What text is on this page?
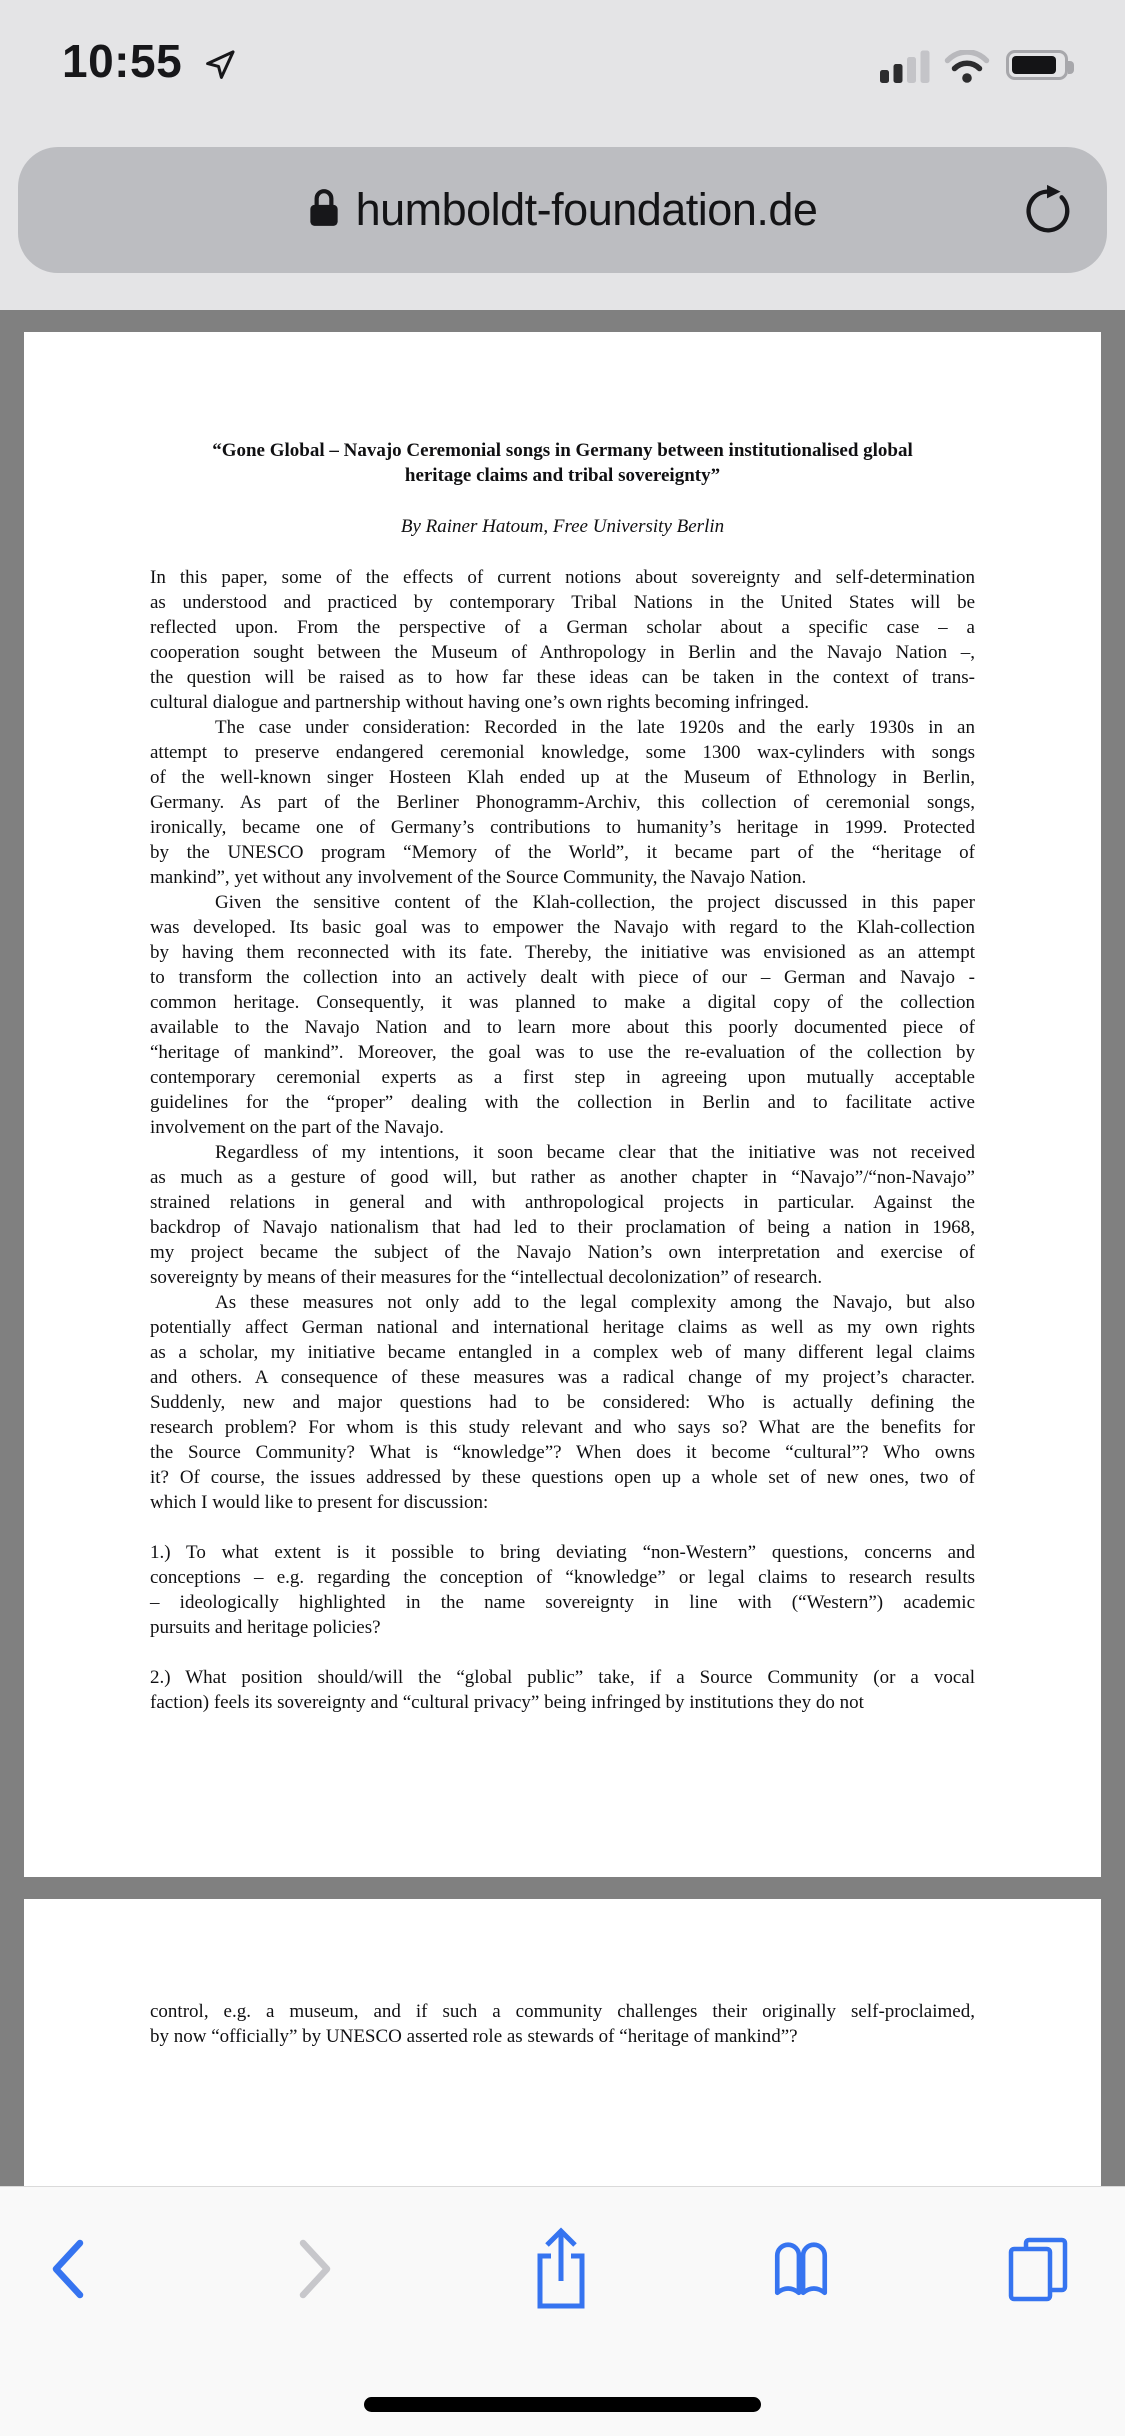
10:55
humboldt-foundation.de
“Gone Global – Navajo Ceremonial songs in Germany between institutionalised global
heritage claims and tribal sovereignty”
By Rainer Hatoum, Free University Berlin
In this paper, some of the effects of current notions about sovereignty and self-determination
as understood and practiced by contemporary Tribal Nations in the United States will be
reflected upon. From the perspective of a German scholar about a specific case – a
cooperation sought between the Museum of Anthropology in Berlin and the Navajo Nation –,
the question will be raised as to how far these ideas can be taken in the context of trans-
cultural dialogue and partnership without having one’s own rights becoming infringed.
The case under consideration: Recorded in the late 1920s and the early 1930s in an
attempt to preserve endangered ceremonial knowledge, some 1300 wax-cylinders with songs
of the well-known singer Hosteen Klah ended up at the Museum of Ethnology in Berlin,
Germany. As part of the Berliner Phonogramm-Archiv, this collection of ceremonial songs,
ironically, became one of Germany’s contributions to humanity’s heritage in 1999. Protected
by the UNESCO program “Memory of the World”, it became part of the “heritage of
mankind”, yet without any involvement of the Source Community, the Navajo Nation.
Given the sensitive content of the Klah-collection, the project discussed in this paper
was developed. Its basic goal was to empower the Navajo with regard to the Klah-collection
by having them reconnected with its fate. Thereby, the initiative was envisioned as an attempt
to transform the collection into an actively dealt with piece of our – German and Navajo -
common heritage. Consequently, it was planned to make a digital copy of the collection
available to the Navajo Nation and to learn more about this poorly documented piece of
“heritage of mankind”. Moreover, the goal was to use the re-evaluation of the collection by
contemporary ceremonial experts as a first step in agreeing upon mutually acceptable
guidelines for the “proper” dealing with the collection in Berlin and to facilitate active
involvement on the part of the Navajo.
Regardless of my intentions, it soon became clear that the initiative was not received
as much as a gesture of good will, but rather as another chapter in “Navajo”/“non-Navajo”
strained relations in general and with anthropological projects in particular. Against the
backdrop of Navajo nationalism that had led to their proclamation of being a nation in 1968,
my project became the subject of the Navajo Nation’s own interpretation and exercise of
sovereignty by means of their measures for the “intellectual decolonization” of research.
As these measures not only add to the legal complexity among the Navajo, but also
potentially affect German national and international heritage claims as well as my own rights
as a scholar, my initiative became entangled in a complex web of many different legal claims
and others. A consequence of these measures was a radical change of my project’s character.
Suddenly, new and major questions had to be considered: Who is actually defining the
research problem? For whom is this study relevant and who says so? What are the benefits for
the Source Community? What is “knowledge”? When does it become “cultural”? Who owns
it? Of course, the issues addressed by these questions open up a whole set of new ones, two of
which I would like to present for discussion:
1.) To what extent is it possible to bring deviating “non-Western” questions, concerns and
conceptions – e.g. regarding the conception of “knowledge” or legal claims to research results
– ideologically highlighted in the name sovereignty in line with (“Western”) academic
pursuits and heritage policies?
2.) What position should/will the “global public” take, if a Source Community (or a vocal
faction) feels its sovereignty and “cultural privacy” being infringed by institutions they do not
control, e.g. a museum, and if such a community challenges their originally self-proclaimed,
by now “officially” by UNESCO asserted role as stewards of “heritage of mankind”?
